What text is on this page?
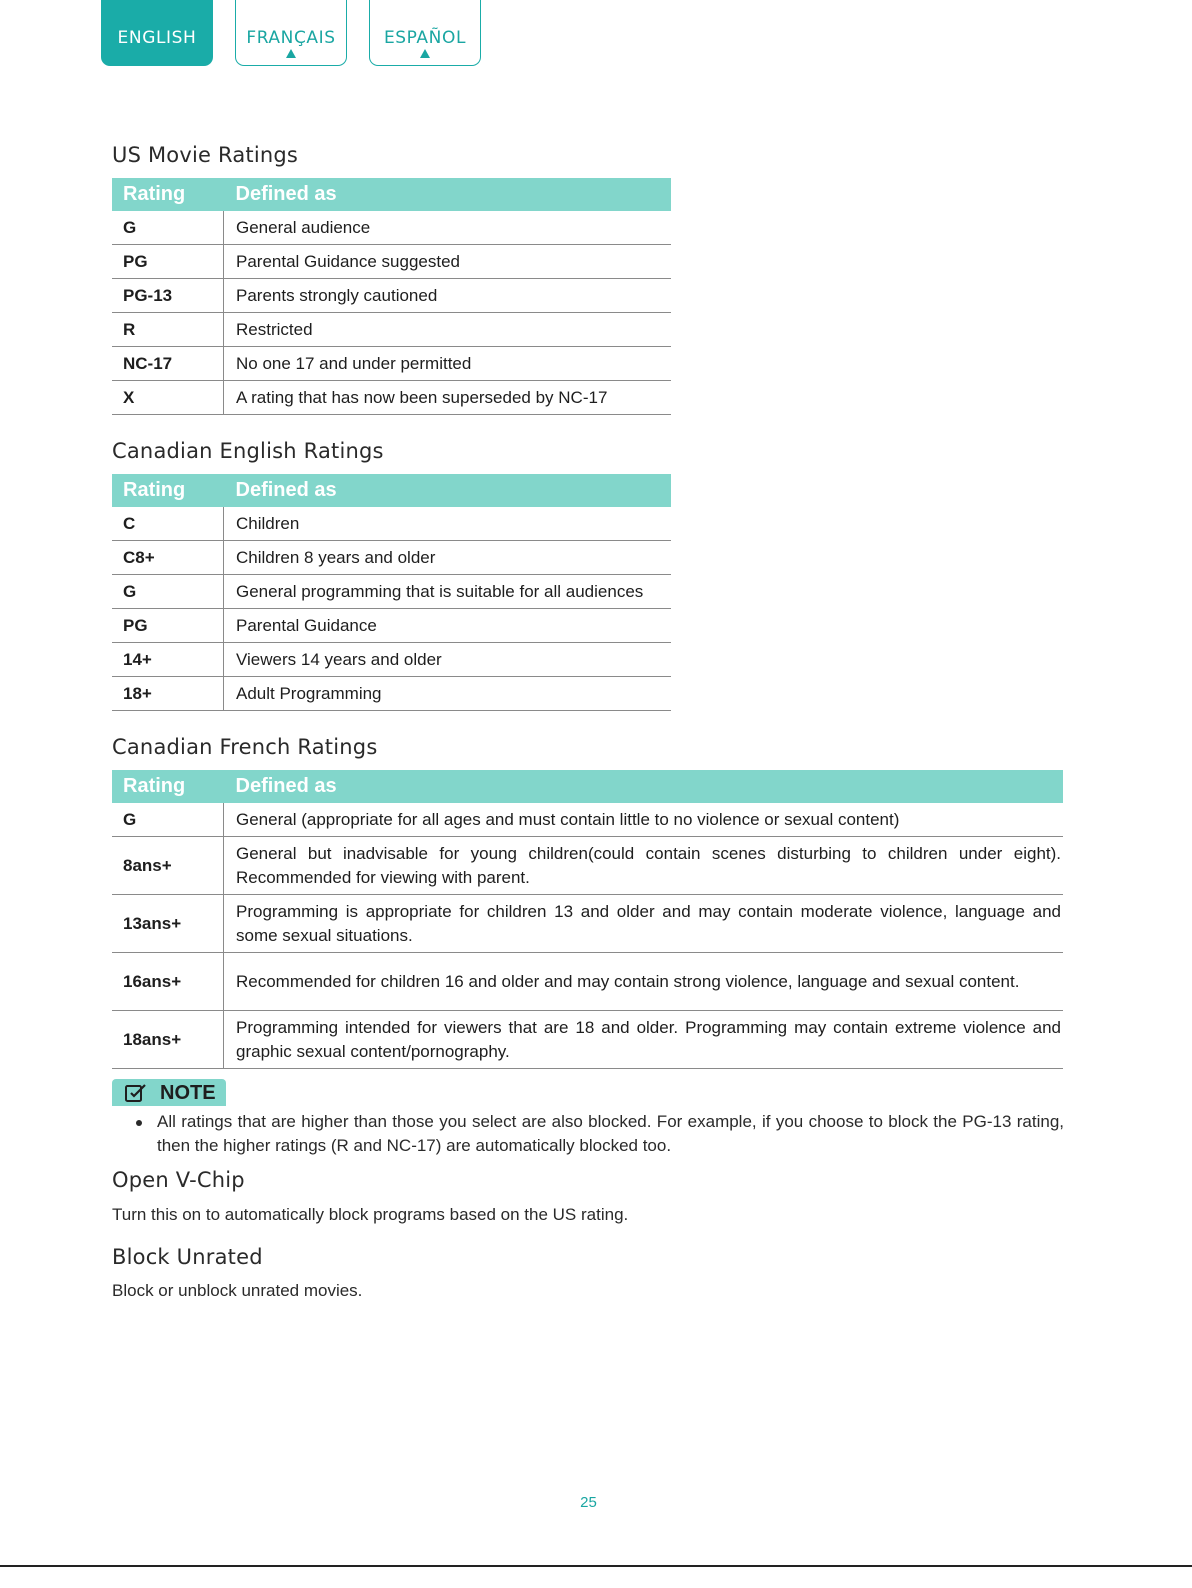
ENGLISH	FRANÇAIS	ESPAÑOL
US Movie Ratings
Rating	Defined as
G	General audience
PG	Parental Guidance suggested
PG-13	Parents strongly cautioned
R	Restricted
NC-17	No one 17 and under permitted
X	A rating that has now been superseded by NC-17
Canadian English Ratings
Rating	Defined as
C	Children
C8+	Children 8 years and older
G	General programming that is suitable for all audiences
PG	Parental Guidance
14+	Viewers 14 years and older
18+	Adult Programming
Canadian French Ratings
Rating	Defined as
G	General (appropriate for all ages and must contain little to no violence or sexual content)
8ans+	General but inadvisable for young children(could contain scenes disturbing to children under eight). Recommended for viewing with parent.
13ans+	Programming is appropriate for children 13 and older and may contain moderate violence, language and some sexual situations.
16ans+	Recommended for children 16 and older and may contain strong violence, language and sexual content.
18ans+	Programming intended for viewers that are 18 and older. Programming may contain extreme violence and graphic sexual content/pornography.
NOTE
All ratings that are higher than those you select are also blocked. For example, if you choose to block the PG-13 rating, then the higher ratings (R and NC-17) are automatically blocked too.
Open V-Chip

Turn this on to automatically block programs based on the US rating.

Block Unrated

Block or unblock unrated movies.

25
